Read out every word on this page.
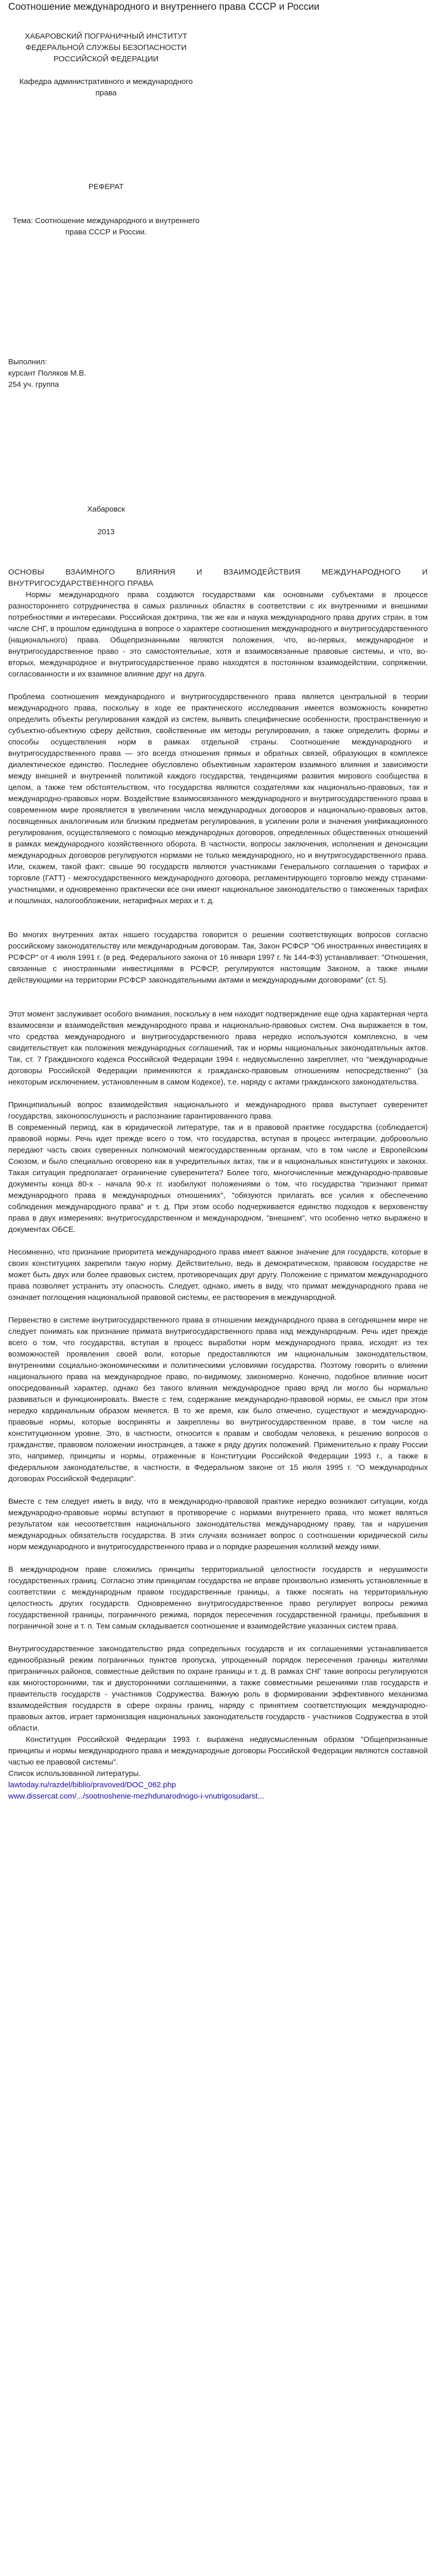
Соотношение международного и внутреннего права СССР и России

ХАБАРОВСКИЙ ПОГРАНИЧНЫЙ ИНСТИТУТ ФЕДЕРАЛЬНОЙ СЛУЖБЫ БЕЗОПАСНОСТИ РОССИЙСКОЙ ФЕДЕРАЦИИ

Кафедра административного и международного права

РЕФЕРАТ

Тема: Соотношение международного и внутреннего права СССР и России.

Выполнил:

курсант Поляков М.В.

254 уч. группа

Хабаровск

2013

ОСНОВЫ ВЗАИМНОГО ВЛИЯНИЯ И ВЗАИМОДЕЙСТВИЯ МЕЖДУНАРОДНОГО И ВНУТРИГОСУДАРСТВЕННОГО ПРАВА

Нормы международного права создаются государствами как основными субъектами в процессе разностороннего сотрудничества в самых различных областях в соответствии с их внутренними и внешними потребностями и интересами. Российская доктрина, так же как и наука международного права других стран, в том числе СНГ, в прошлом единодушна в вопросе о характере соотношения международного и внутригосударственного (национального) права. Общепризнанными являются положения, что, во-первых, международное и внутригосударственное право - это самостоятельные, хотя и взаимосвязанные правовые системы, и что, во-вторых, международное и внутригосударственное право находятся в постоянном взаимодействии, сопряжении, согласованности и их взаимное влияние друг на друга.

Проблема соотношения международного и внутригосударственного права является центральной в теории международного права, поскольку в ходе ее практического исследования имеется возможность конкретно определить объекты регулирования каждой из систем, выявить специфические особенности, пространственную и субъектно-объектную сферу действия, свойственные им методы регулирования, а также определить формы и способы осуществления норм в рамках отдельной страны. Соотношение международного и внутригосударственного права — это всегда отношения прямых и обратных связей, образующих в комплексе диалектическое единство. Последнее обусловлено объективным характером взаимного влияния и зависимости между внешней и внутренней политикой каждого государства, тенденциями развития мирового сообщества в целом, а также тем обстоятельством, что государства являются создателями как национально-правовых, так и международно-правовых норм. Воздействие взаимосвязанного международного и внутригосударственного права в современном мире проявляется в увеличении числа международных договоров и национально-правовых актов, посвященных аналогичным или близким предметам регулирования, в усилении роли и значения унификационного регулирования, осуществляемого с помощью международных договоров, определенных общественных отношений в рамках международного хозяйственного оборота. В частности, вопросы заключения, исполнения и денонсации международных договоров регулируются нормами не только международного, но и внутригосударственного права. Или, скажем, такой факт: свыше 90 государств являются участниками Генерального соглашения о тарифах и торговле (ГАТТ) - межгосударственного международного договора, регламентирующего торговлю между странами-участницами, и одновременно практически все они имеют национальное законодательство о таможенных тарифах и пошлинах, налогообложении, нетарифных мерах и т. д.

Во многих внутренних актах нашего государства говорится о решении соответствующих вопросов согласно российскому законодательству или международным договорам. Так, Закон РСФСР "Об иностранных инвестициях в РСФСР" от 4 июля 1991 г. (в ред. Федерального закона от 16 января 1997 г. № 144-ФЗ) устанавливает: "Отношения, связанные с иностранными инвестициями в РСФСР, регулируются настоящим Законом, а также иными действующими на территории РСФСР законодательными актами и международными договорами" (ст. 5).

Этот момент заслуживает особого внимания, поскольку в нем находит подтверждение еще одна характерная черта взаимосвязи и взаимодействия международного права и национально-правовых систем. Она выражается в том, что средства международного и внутригосударственного права нередко используются комплексно, в чем свидетельствует как положения международных соглашений, так и нормы национальных законодательных актов. Так, ст. 7 Гражданского кодекса Российской Федерации 1994 г. недвусмысленно закрепляет, что "международные договоры Российской Федерации применяются к гражданско-правовым отношениям непосредственно" (за некоторым исключением, установленным в самом Кодексе), т.е. наряду с актами гражданского законодательства.

Принципиальный вопрос взаимодействия национального и международного права выступает суверенитет государства, законопослушность и распознание гарантированного права.

В современный период, как в юридической литературе, так и в правовой практике государства (соблюдается) правовой нормы. Речь идет прежде всего о том, что государства, вступая в процесс интеграции, добровольно передают часть своих суверенных полномочий межгосударственным органам, что в том числе и Европейским Союзом, и было специально оговорено как в учредительных актах, так и в национальных конституциях и законах. Такая ситуация предполагает ограничение суверенитета? Более того, многочисленные международно-правовые документы конца 80-х - начала 90-х гг. изобилуют положениями о том, что государства "признают примат международного права в международных отношениях", "обязуются прилагать все усилия к обеспечению соблюдения международного права" и т. д. При этом особо подчеркивается единство подходов к верховенству права в двух измерениях: внутригосударственном и международном, "внешнем", что особенно четко выражено в документах ОБСЕ.

Несомненно, что признание приоритета международного права имеет важное значение для государств, которые в своих конституциях закрепили такую норму. Действительно, ведь в демократическом, правовом государстве не может быть двух или более правовых систем, противоречащих друг другу. Положение с приматом международного права позволяет устранить эту опасность. Следует, однако, иметь в виду, что примат международного права не означает поглощения национальной правовой системы, ее растворения в международной.

Первенство в системе внутригосударственного права в отношении международного права в сегодняшнем мире не следует понимать как признание примата внутригосударственного права над международным. Речь идет прежде всего о том, что государства, вступая в процесс выработки норм международного права, исходят из тех возможностей проявления своей воли, которые предоставляются им национальным законодательством, внутренними социально-экономическими и политическими условиями государства. Поэтому говорить о влиянии национального права на международное право, по-видимому, закономерно. Конечно, подобное влияние носит опосредованный характер, однако без такого влияния международное право вряд ли могло бы нормально развиваться и функционировать. Вместе с тем, содержание международно-правовой нормы, ее смысл при этом нередко кардинальным образом меняется. В то же время, как было отмечено, существуют и международно-правовые нормы, которые восприняты и закреплены во внутригосударственном праве, в том числе на конституционном уровне. Это, в частности, относится к правам и свободам человека, к решению вопросов о гражданстве, правовом положении иностранцев, а также к ряду других положений. Применительно к праву России это, например, принципы и нормы, отраженные в Конституции Российской Федерации 1993 г., а также в федеральном законодательстве, в частности, в Федеральном законе от 15 июля 1995 г. "О международных договорах Российской Федерации".

Вместе с тем следует иметь в виду, что в международно-правовой практике нередко возникают ситуации, когда международно-правовые нормы вступают в противоречие с нормами внутреннего права, что может являться результатом как несоответствия национального законодательства международному праву, так и нарушения международных обязательств государства. В этих случаях возникает вопрос о соотношении юридической силы норм международного и внутригосударственного права и о порядке разрешения коллизий между ними.

В международном праве сложились принципы территориальной целостности государств и нерушимости государственных границ. Согласно этим принципам государства не вправе произвольно изменять установленные в соответствии с международным правом государственные границы, а также посягать на территориальную целостность других государств. Одновременно внутригосударственное право регулирует вопросы режима государственной границы, пограничного режима, порядок пересечения государственной границы, пребывания в пограничной зоне и т. п. Тем самым складывается соотношение и взаимодействие указанных систем права.

Внутригосударственное законодательство ряда сопредельных государств и их соглашениями устанавливается единообразный режим пограничных пунктов пропуска, упрощенный порядок пересечения границы жителями приграничных районов, совместные действия по охране границы и т. д. В рамках СНГ такие вопросы регулируются как многосторонними, так и двусторонними соглашениями, а также совместными решениями глав государств и правительств государств - участников Содружества. Важную роль в формировании эффективного механизма взаимодействия государств в сфере охраны границ, наряду с принятием соответствующих международно-правовых актов, играет гармонизация национальных законодательств государств - участников Содружества в этой области.

Конституция Российской Федерации 1993 г. выражена недвусмысленным образом "Общепризнанные принципы и нормы международного права и международные договоры Российской Федерации являются составной частью ее правовой системы".

Список использованной литературы.

lawtoday.ru/razdel/biblio/pravoved/DOC_062.php
www.dissercat.com/.../sootnoshenie-mezhdunarodnogo-i-vnutrigosudarst...
